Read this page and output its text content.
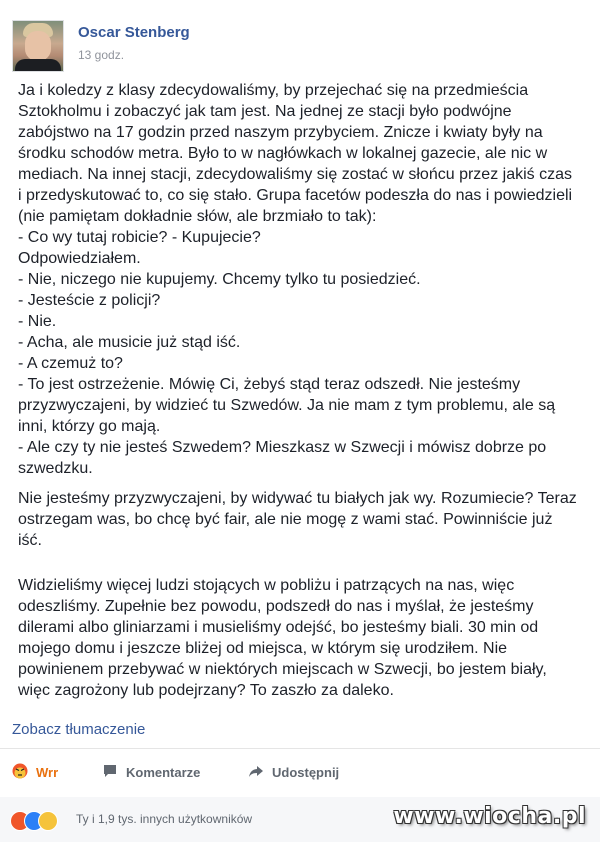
Oscar Stenberg
13 godz.

Ja i koledzy z klasy zdecydowaliśmy, by przejechać się na przedmieścia Sztokholmu i zobaczyć jak tam jest. Na jednej ze stacji było podwójne zabójstwo na 17 godzin przed naszym przybyciem. Znicze i kwiaty były na środku schodów metra. Było to w nagłówkach w lokalnej gazecie, ale nic w mediach. Na innej stacji, zdecydowaliśmy się zostać w słońcu przez jakiś czas i przedyskutować to, co się stało. Grupa facetów podeszła do nas i powiedzieli (nie pamiętam dokładnie słów, ale brzmiało to tak):
- Co wy tutaj robicie? - Kupujecie?
Odpowiedziałem.
- Nie, niczego nie kupujemy. Chcemy tylko tu posiedzieć.
- Jesteście z policji?
- Nie.
- Acha, ale musicie już stąd iść.
- A czemuż to?
- To jest ostrzeżenie. Mówię Ci, żebyś stąd teraz odszedł. Nie jesteśmy przyzwyczajeni, by widzieć tu Szwedów. Ja nie mam z tym problemu, ale są inni, którzy go mają.
- Ale czy ty nie jesteś Szwedem? Mieszkasz w Szwecji i mówisz dobrze po szwedzku.

Nie jesteśmy przyzwyczajeni, by widywać tu białych jak wy. Rozumiecie? Teraz ostrzegam was, bo chcę być fair, ale nie mogę z wami stać. Powinniście już iść.

Widzieliśmy więcej ludzi stojących w pobliżu i patrzących na nas, więc odeszliśmy. Zupełnie bez powodu, podszedł do nas i myślał, że jesteśmy dilerami albo gliniarzami i musieliśmy odejść, bo jesteśmy biali. 30 min od mojego domu i jeszcze bliżej od miejsca, w którym się urodziłem. Nie powinienem przebywać w niektórych miejscach w Szwecji, bo jestem biały, więc zagrożony lub podejrzany? To zaszło za daleko.

Zobacz tłumaczenie
Wrr	Komentarze	Udostępnij
Ty i 1,9 tys. innych użytkowników	www.wiocha.pl
